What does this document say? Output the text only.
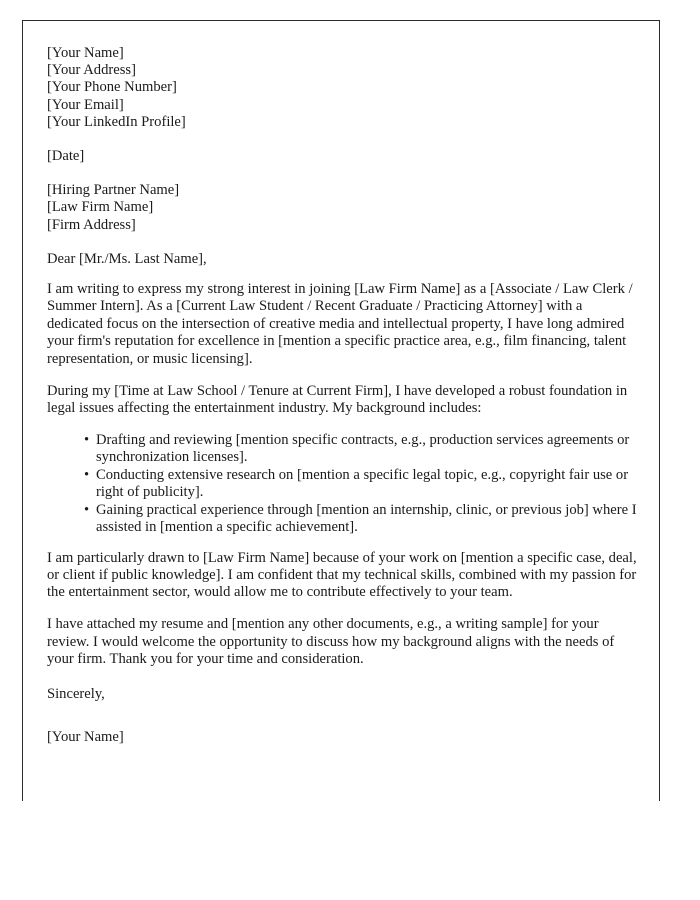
[Your Name]
[Your Address]
[Your Phone Number]
[Your Email]
[Your LinkedIn Profile]
[Date]
[Hiring Partner Name]
[Law Firm Name]
[Firm Address]
Dear [Mr./Ms. Last Name],

I am writing to express my strong interest in joining [Law Firm Name] as a [Associate / Law Clerk / Summer Intern]. As a [Current Law Student / Recent Graduate / Practicing Attorney] with a dedicated focus on the intersection of creative media and intellectual property, I have long admired your firm's reputation for excellence in [mention a specific practice area, e.g., film financing, talent representation, or music licensing].

During my [Time at Law School / Tenure at Current Firm], I have developed a robust foundation in legal issues affecting the entertainment industry. My background includes:

• Drafting and reviewing [mention specific contracts, e.g., production services agreements or synchronization licenses].
• Conducting extensive research on [mention a specific legal topic, e.g., copyright fair use or right of publicity].
• Gaining practical experience through [mention an internship, clinic, or previous job] where I assisted in [mention a specific achievement].

I am particularly drawn to [Law Firm Name] because of your work on [mention a specific case, deal, or client if public knowledge]. I am confident that my technical skills, combined with my passion for the entertainment sector, would allow me to contribute effectively to your team.

I have attached my resume and [mention any other documents, e.g., a writing sample] for your review. I would welcome the opportunity to discuss how my background aligns with the needs of your firm. Thank you for your time and consideration.

Sincerely,
[Your Name]
